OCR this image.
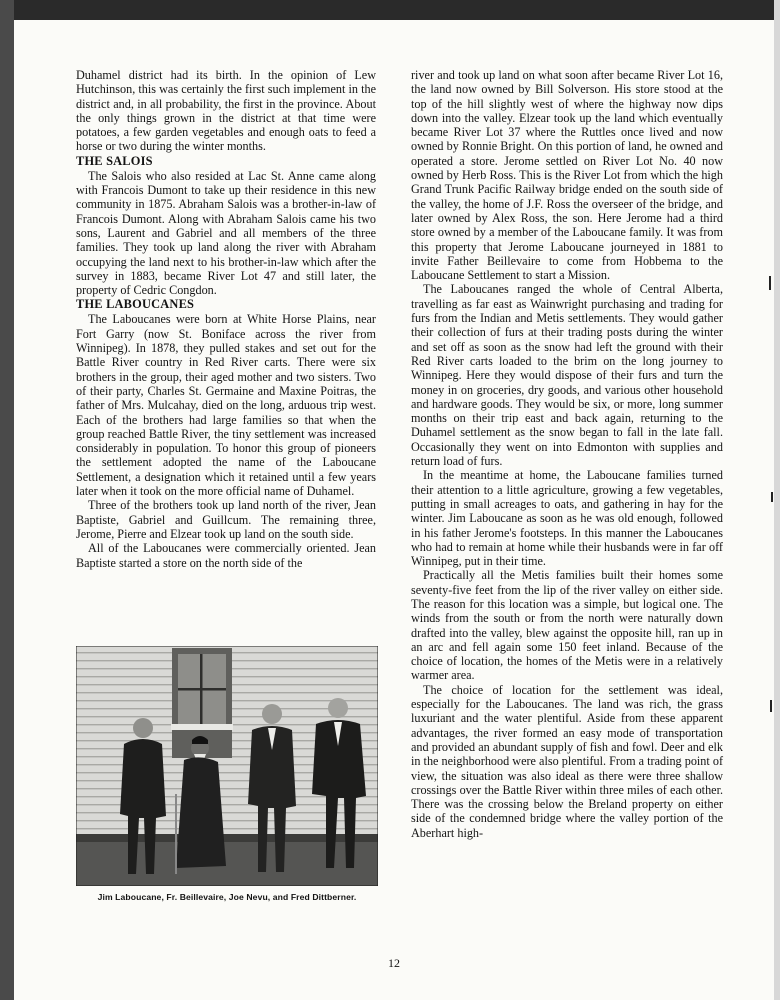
Duhamel district had its birth. In the opinion of Lew Hutchinson, this was certainly the first such implement in the district and, in all probability, the first in the province. About the only things grown in the district at that time were potatoes, a few garden vegetables and enough oats to feed a horse or two during the winter months.

THE SALOIS

The Salois who also resided at Lac St. Anne came along with Francois Dumont to take up their residence in this new community in 1875. Abraham Salois was a brother-in-law of Francois Dumont. Along with Abraham Salois came his two sons, Laurent and Gabriel and all members of the three families. They took up land along the river with Abraham occupying the land next to his brother-in-law which after the survey in 1883, became River Lot 47 and still later, the property of Cedric Congdon.

THE LABOUCANES

The Laboucanes were born at White Horse Plains, near Fort Garry (now St. Boniface across the river from Winnipeg). In 1878, they pulled stakes and set out for the Battle River country in Red River carts. There were six brothers in the group, their aged mother and two sisters. Two of their party, Charles St. Germaine and Maxine Poitras, the father of Mrs. Mulcahay, died on the long, arduous trip west. Each of the brothers had large families so that when the group reached Battle River, the tiny settlement was increased considerably in population. To honor this group of pioneers the settlement adopted the name of the Laboucane Settlement, a designation which it retained until a few years later when it took on the more official name of Duhamel.

Three of the brothers took up land north of the river, Jean Baptiste, Gabriel and Guillcum. The remaining three, Jerome, Pierre and Elzear took up land on the south side.

All of the Laboucanes were commercially oriented. Jean Baptiste started a store on the north side of the

river and took up land on what soon after became River Lot 16, the land now owned by Bill Solverson. His store stood at the top of the hill slightly west of where the highway now dips down into the valley. Elzear took up the land which eventually became River Lot 37 where the Ruttles once lived and now owned by Ronnie Bright. On this portion of land, he owned and operated a store. Jerome settled on River Lot No. 40 now owned by Herb Ross. This is the River Lot from which the high Grand Trunk Pacific Railway bridge ended on the south side of the valley, the home of J.F. Ross the overseer of the bridge, and later owned by Alex Ross, the son. Here Jerome had a third store owned by a member of the Laboucane family. It was from this property that Jerome Laboucane journeyed in 1881 to invite Father Beillevaire to come from Hobbema to the Laboucane Settlement to start a Mission.

The Laboucanes ranged the whole of Central Alberta, travelling as far east as Wainwright purchasing and trading for furs from the Indian and Metis settlements. They would gather their collection of furs at their trading posts during the winter and set off as soon as the snow had left the ground with their Red River carts loaded to the brim on the long journey to Winnipeg. Here they would dispose of their furs and turn the money in on groceries, dry goods, and various other household and hardware goods. They would be six, or more, long summer months on their trip east and back again, returning to the Duhamel settlement as the snow began to fall in the late fall. Occasionally they went on into Edmonton with supplies and return load of furs.

In the meantime at home, the Laboucane families turned their attention to a little agriculture, growing a few vegetables, putting in small acreages to oats, and gathering in hay for the winter. Jim Laboucane as soon as he was old enough, followed in his father Jerome's footsteps. In this manner the Laboucanes who had to remain at home while their husbands were in far off Winnipeg, put in their time.

Practically all the Metis families built their homes some seventy-five feet from the lip of the river valley on either side. The reason for this location was a simple, but logical one. The winds from the south or from the north were naturally down drafted into the valley, blew against the opposite hill, ran up in an arc and fell again some 150 feet inland. Because of the choice of location, the homes of the Metis were in a relatively warmer area.

The choice of location for the settlement was ideal, especially for the Laboucanes. The land was rich, the grass luxuriant and the water plentiful. Aside from these apparent advantages, the river formed an easy mode of transportation and provided an abundant supply of fish and fowl. Deer and elk in the neighborhood were also plentiful. From a trading point of view, the situation was also ideal as there were three shallow crossings over the Battle River within three miles of each other. There was the crossing below the Breland property on either side of the condemned bridge where the valley portion of the Aberhart high-

Jim Laboucane, Fr. Beillevaire, Joe Nevu, and Fred Dittberner.
12
